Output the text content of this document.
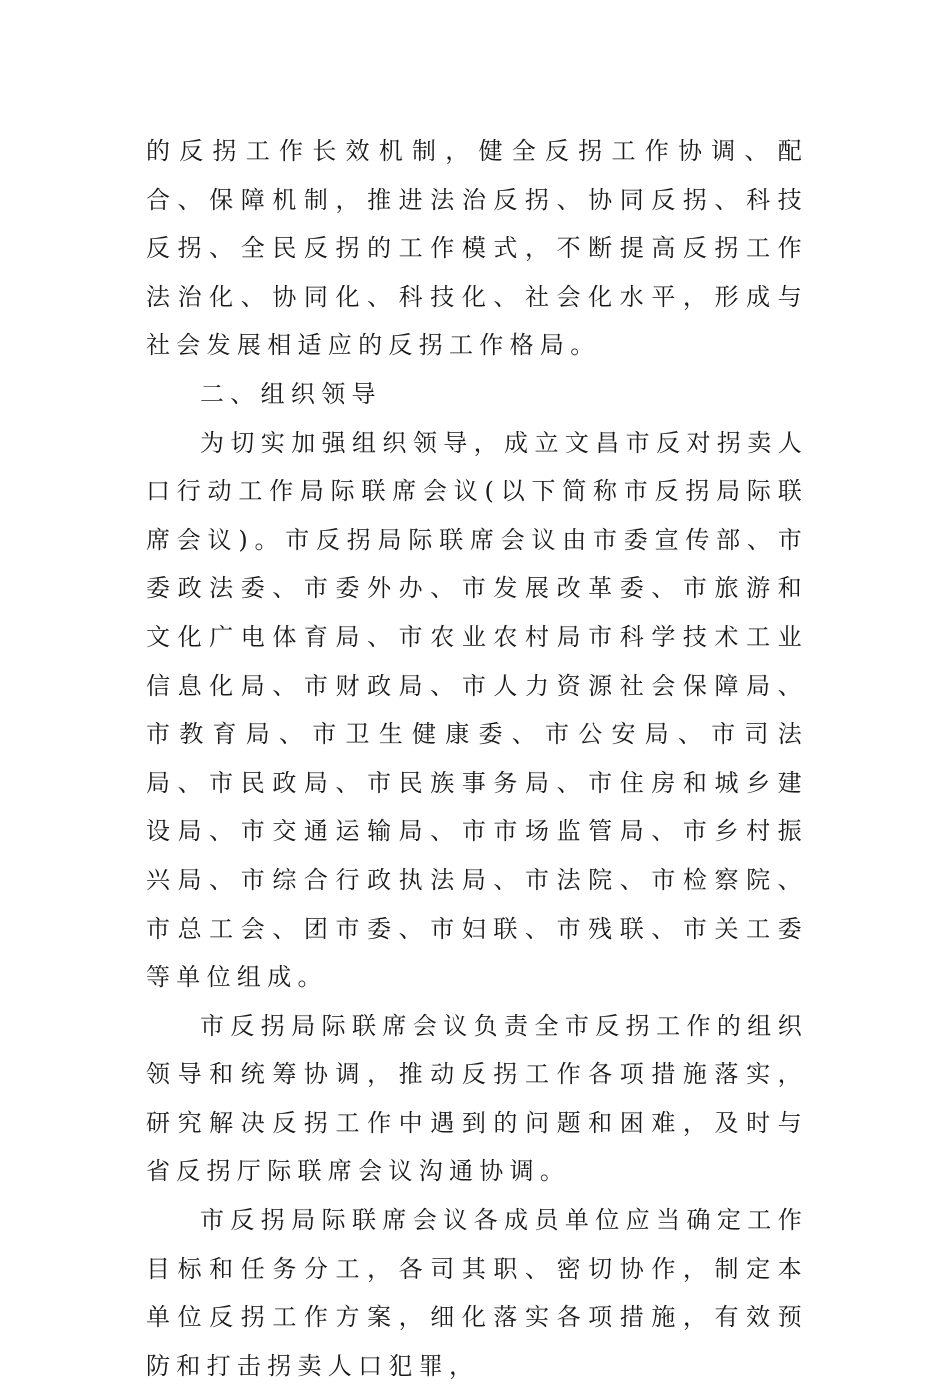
的反拐工作长效机制，健全反拐工作协调、配合、保障机制，推进法治反拐、协同反拐、科技反拐、全民反拐的工作模式，不断提高反拐工作法治化、协同化、科技化、社会化水平，形成与社会发展相适应的反拐工作格局。

二、组织领导

为切实加强组织领导，成立文昌市反对拐卖人口行动工作局际联席会议(以下简称市反拐局际联席会议)。市反拐局际联席会议由市委宣传部、市委政法委、市委外办、市发展改革委、市旅游和文化广电体育局、市农业农村局市科学技术工业信息化局、市财政局、市人力资源社会保障局、市教育局、市卫生健康委、市公安局、市司法局、市民政局、市民族事务局、市住房和城乡建设局、市交通运输局、市市场监管局、市乡村振兴局、市综合行政执法局、市法院、市检察院、市总工会、团市委、市妇联、市残联、市关工委等单位组成。

市反拐局际联席会议负责全市反拐工作的组织领导和统筹协调，推动反拐工作各项措施落实，研究解决反拐工作中遇到的问题和困难，及时与省反拐厅际联席会议沟通协调。

市反拐局际联席会议各成员单位应当确定工作目标和任务分工，各司其职、密切协作，制定本单位反拐工作方案，细化落实各项措施，有效预防和打击拐卖人口犯罪，
